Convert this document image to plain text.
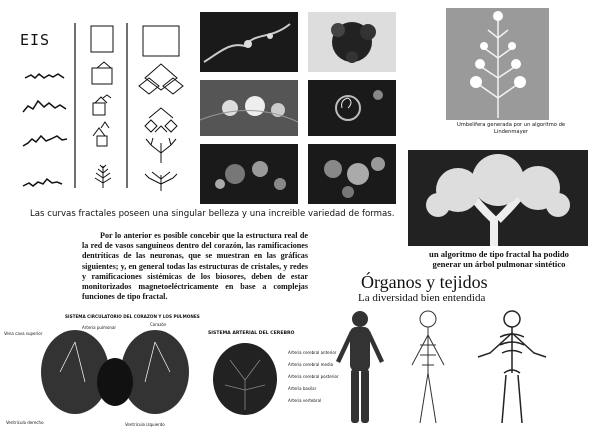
EIS
Umbelifera generada por un algoritmo de Lindenmayer
un algoritmo de tipo fractal ha podido generar un árbol pulmonar sintético
Las curvas fractales poseen una singular belleza y una increible variedad de formas.
Por lo anterior es posible concebir que la estructura real de la red de vasos sanguíneos dentro del corazón, las ramificaciones dentríticas de las neuronas, que se muestran en las gráficas siguientes; y, en general todas las estructuras de cristales, y redes y ramificaciones sistémicas de los biosores, deben de estar monitorizados magnetoeléctricamente en base a complejas funciones de tipo fractal.
Órganos y tejidos
La diversidad bien entendida
SISTEMA CIRCULATORIO DEL CORAZON Y LOS PULMONES
Vena cava superior
Corazón
Ventrículo derecho	Ventrículo izquierdo
Arteria pulmonar
SISTEMA ARTERIAL DEL CEREBRO
Arteria cerebral anterior
Arteria cerebral media
Arteria cerebral posterior
Arteria basilar
Arteria vertebral
